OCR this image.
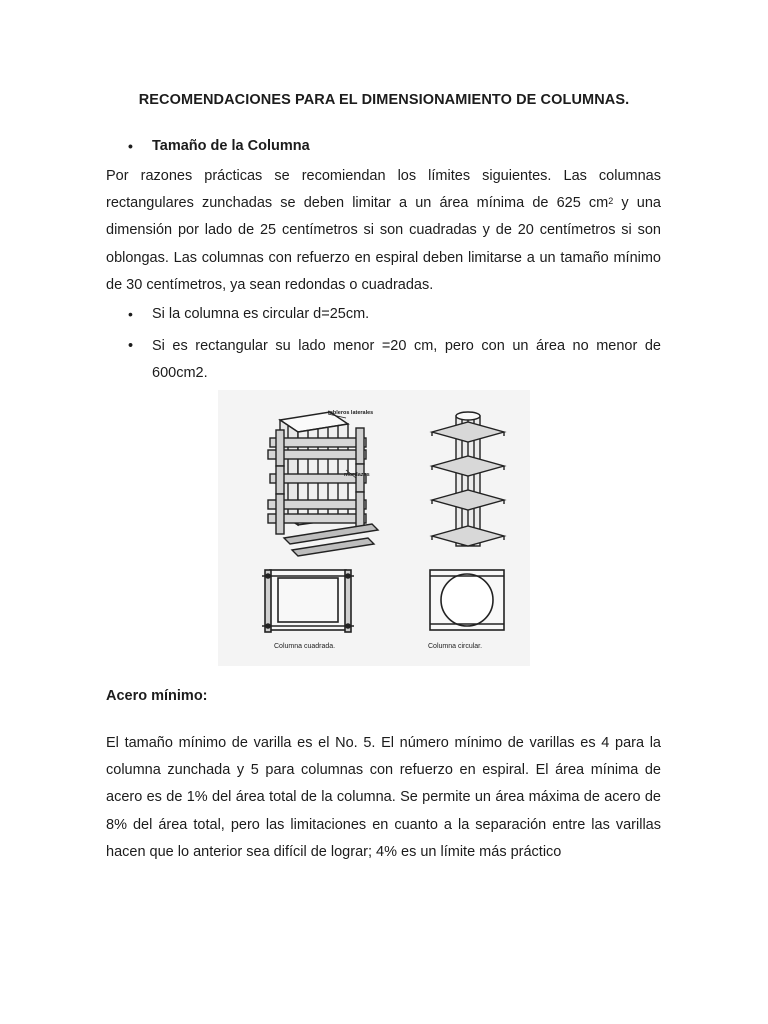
RECOMENDACIONES PARA EL DIMENSIONAMIENTO DE COLUMNAS.
• Tamaño de la Columna
Por razones prácticas se recomiendan los límites siguientes. Las columnas rectangulares zunchadas se deben limitar a un área mínima de 625 $cm^2$ y una dimensión por lado de 25 centímetros si son cuadradas y de 20 centímetros si son oblongas. Las columnas con refuerzo en espiral deben limitarse a un tamaño mínimo de 30 centímetros, ya sean redondas o cuadradas.
• Si la columna es circular d=25cm.
• Si es rectangular su lado menor =20 cm, pero con un área no menor de 600cm2.
tableros laterales
mordazas
Columna cuadrada.	Columna circular.
Acero mínimo:
El tamaño mínimo de varilla es el No. 5. El número mínimo de varillas es 4 para la columna zunchada y 5 para columnas con refuerzo en espiral. El área mínima de acero es de 1% del área total de la columna. Se permite un área máxima de acero de 8% del área total, pero las limitaciones en cuanto a la separación entre las varillas hacen que lo anterior sea difícil de lograr; 4% es un límite más práctico
